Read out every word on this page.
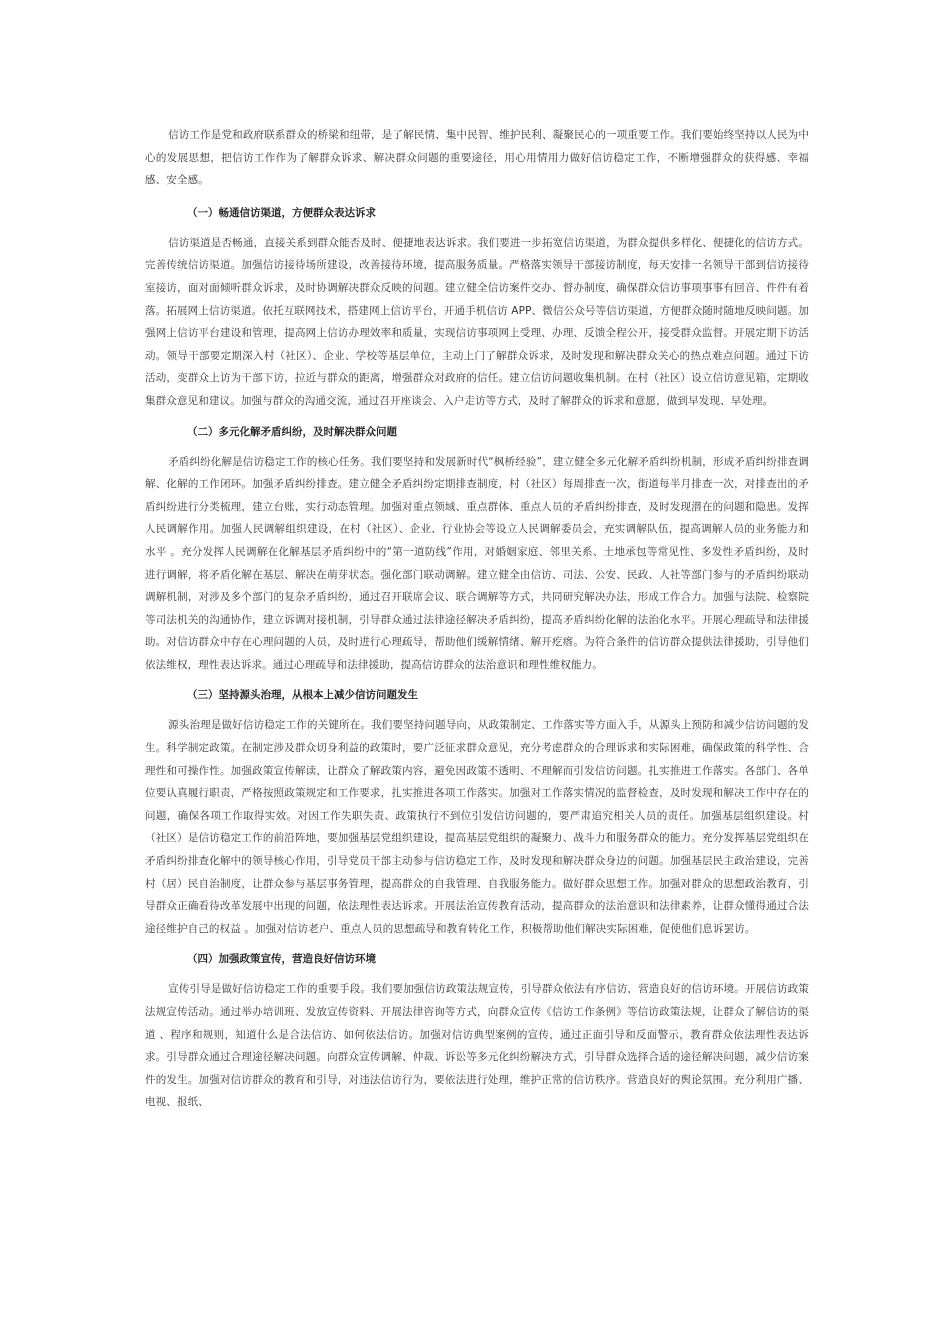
信访工作是党和政府联系群众的桥梁和纽带，是了解民情、集中民智、维护民利、凝聚民心的一项重要工作。我们要始终坚持以人民为中心的发展思想，把信访工作作为了解群众诉求、解决群众问题的重要途径，用心用情用力做好信访稳定工作，不断增强群众的获得感、幸福感、安全感。

（一）畅通信访渠道，方便群众表达诉求

信访渠道是否畅通，直接关系到群众能否及时、便捷地表达诉求。我们要进一步拓宽信访渠道，为群众提供多样化、便捷化的信访方式。完善传统信访渠道。加强信访接待场所建设，改善接待环境，提高服务质量。严格落实领导干部接访制度，每天安排一名领导干部到信访接待室接访，面对面倾听群众诉求，及时协调解决群众反映的问题。建立健全信访案件交办、督办制度，确保群众信访事项事事有回音、件件有着落。拓展网上信访渠道。依托互联网技术，搭建网上信访平台，开通手机信访 APP、微信公众号等信访渠道，方便群众随时随地反映问题。加强网上信访平台建设和管理，提高网上信访办理效率和质量，实现信访事项网上受理、办理、反馈全程公开，接受群众监督。开展定期下访活动。领导干部要定期深入村（社区）、企业、学校等基层单位，主动上门了解群众诉求，及时发现和解决群众关心的热点难点问题。通过下访活动，变群众上访为干部下访，拉近与群众的距离，增强群众对政府的信任。建立信访问题收集机制。在村（社区）设立信访意见箱，定期收集群众意见和建议。加强与群众的沟通交流，通过召开座谈会、入户走访等方式，及时了解群众的诉求和意愿，做到早发现、早处理。

（二）多元化解矛盾纠纷，及时解决群众问题

矛盾纠纷化解是信访稳定工作的核心任务。我们要坚持和发展新时代“枫桥经验”，建立健全多元化解矛盾纠纷机制，形成矛盾纠纷排查调解、化解的工作闭环。加强矛盾纠纷排查。建立健全矛盾纠纷定期排查制度，村（社区）每周排查一次，街道每半月排查一次，对排查出的矛盾纠纷进行分类梳理，建立台账，实行动态管理。加强对重点领域、重点群体、重点人员的矛盾纠纷排查，及时发现潜在的问题和隐患。发挥人民调解作用。加强人民调解组织建设，在村（社区）、企业、行业协会等设立人民调解委员会，充实调解队伍，提高调解人员的业务能力和水平 。充分发挥人民调解在化解基层矛盾纠纷中的“第一道防线”作用，对婚姻家庭、邻里关系、土地承包等常见性、多发性矛盾纠纷，及时进行调解，将矛盾化解在基层、解决在萌芽状态。强化部门联动调解。建立健全由信访、司法、公安、民政、人社等部门参与的矛盾纠纷联动调解机制，对涉及多个部门的复杂矛盾纠纷，通过召开联席会议、联合调解等方式，共同研究解决办法，形成工作合力。加强与法院、检察院等司法机关的沟通协作，建立诉调对接机制，引导群众通过法律途径解决矛盾纠纷，提高矛盾纠纷化解的法治化水平。开展心理疏导和法律援助。对信访群众中存在心理问题的人员，及时进行心理疏导，帮助他们缓解情绪、解开疙瘩。为符合条件的信访群众提供法律援助，引导他们依法维权，理性表达诉求。通过心理疏导和法律援助，提高信访群众的法治意识和理性维权能力。

（三）坚持源头治理，从根本上减少信访问题发生

源头治理是做好信访稳定工作的关键所在。我们要坚持问题导向，从政策制定、工作落实等方面入手，从源头上预防和减少信访问题的发生。科学制定政策。在制定涉及群众切身利益的政策时，要广泛征求群众意见，充分考虑群众的合理诉求和实际困难，确保政策的科学性、合理性和可操作性。加强政策宣传解读，让群众了解政策内容，避免因政策不透明、不理解而引发信访问题。扎实推进工作落实。各部门、各单位要认真履行职责，严格按照政策规定和工作要求，扎实推进各项工作落实。加强对工作落实情况的监督检查，及时发现和解决工作中存在的问题，确保各项工作取得实效。对因工作失职失责、政策执行不到位引发信访问题的，要严肃追究相关人员的责任。加强基层组织建设。村（社区）是信访稳定工作的前沿阵地，要加强基层党组织建设，提高基层党组织的凝聚力、战斗力和服务群众的能力。充分发挥基层党组织在矛盾纠纷排查化解中的领导核心作用，引导党员干部主动参与信访稳定工作，及时发现和解决群众身边的问题。加强基层民主政治建设，完善村（居）民自治制度，让群众参与基层事务管理，提高群众的自我管理、自我服务能力。做好群众思想工作。加强对群众的思想政治教育，引导群众正确看待改革发展中出现的问题，依法理性表达诉求。开展法治宣传教育活动，提高群众的法治意识和法律素养，让群众懂得通过合法途径维护自己的权益 。加强对信访老户、重点人员的思想疏导和教育转化工作，积极帮助他们解决实际困难，促使他们息诉罢访。

（四）加强政策宣传，营造良好信访环境

宣传引导是做好信访稳定工作的重要手段。我们要加强信访政策法规宣传，引导群众依法有序信访，营造良好的信访环境。开展信访政策法规宣传活动。通过举办培训班、发放宣传资料、开展法律咨询等方式，向群众宣传《信访工作条例》等信访政策法规，让群众了解信访的渠道 、程序和规则，知道什么是合法信访、如何依法信访。加强对信访典型案例的宣传，通过正面引导和反面警示，教育群众依法理性表达诉求。引导群众通过合理途径解决问题。向群众宣传调解、仲裁、诉讼等多元化纠纷解决方式，引导群众选择合适的途径解决问题，减少信访案件的发生。加强对信访群众的教育和引导，对违法信访行为，要依法进行处理，维护正常的信访秩序。营造良好的舆论氛围。充分利用广播、电视、报纸、
